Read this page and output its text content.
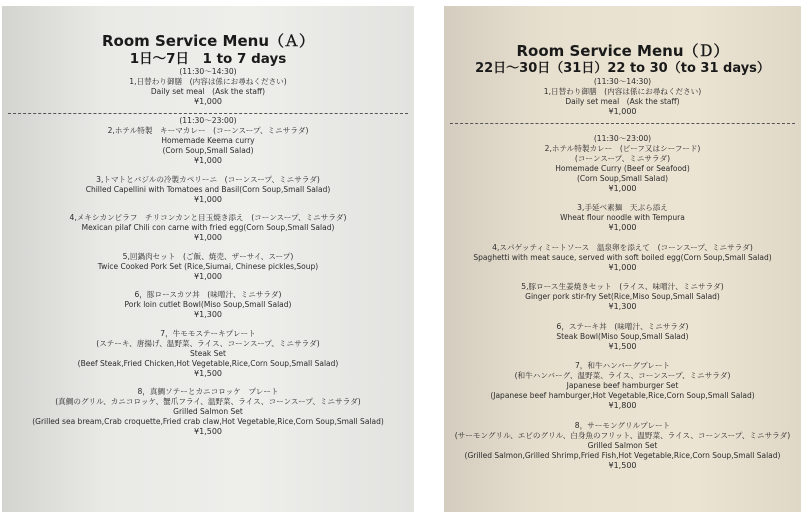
Room Service Menu（Ａ）
1日〜7日　1 to 7 days
(11:30〜14:30)
1,日替わり御膳　(内容は係にお尋ねください)
Daily set meal　(Ask the staff)
¥1,000
(11:30〜23:00)
2,ホテル特製　キーマカレー　(コーンスープ、ミニサラダ)
Homemade Keema curry
(Corn Soup,Small Salad)
¥1,000
3,トマトとバジルの冷製カペリーニ　(コーンスープ、ミニサラダ)
Chilled Capellini with Tomatoes and Basil(Corn Soup,Small Salad)
¥1,000
4,メキシカンピラフ　チリコンカンと目玉焼き添え　(コーンスープ、ミニサラダ)
Mexican pilaf Chili con carne with fried egg(Corn Soup,Small Salad)
¥1,000
5,回鍋肉セット　(ご飯、焼売、ザーサイ、スープ)
Twice Cooked Pork Set (Rice,Siumai, Chinese pickles,Soup)
¥1,000
6，豚ロースカツ丼　(味噌汁、ミニサラダ)
Pork loin cutlet Bowl(Miso Soup,Small Salad)
¥1,300
7，牛モモステーキプレート
(ステーキ、唐揚げ、温野菜、ライス、コーンスープ、ミニサラダ)
Steak Set
(Beef Steak,Fried Chicken,Hot Vegetable,Rice,Corn Soup,Small Salad)
¥1,500
8，真鯛ソテーとカニコロッケ　プレート
(真鯛のグリル、カニコロッケ、蟹爪フライ、温野菜、ライス、コーンスープ、ミニサラダ)
Grilled Salmon Set
(Grilled sea bream,Crab croquette,Fried crab claw,Hot Vegetable,Rice,Corn Soup,Small Salad)
¥1,500
Room Service Menu（Ｄ）
22日〜30日（31日）22 to 30（to 31 days）
(11:30〜14:30)
1,日替わり御膳　(内容は係にお尋ねください)
Daily set meal　(Ask the staff)
¥1,000
(11:30〜23:00)
2,ホテル特製カレー　(ビーフ又はシーフード)
(コーンスープ、ミニサラダ)
Homemade Curry (Beef or Seafood)
(Corn Soup,Small Salad)
¥1,000
3,手延べ素麺　天ぷら添え
Wheat flour noodle with Tempura
¥1,000
4,スパゲッティミートソース　温泉卵を添えて　(コーンスープ、ミニサラダ)
Spaghetti with meat sauce, served with soft boiled egg(Corn Soup,Small Salad)
¥1,000
5,豚ロース生姜焼きセット　(ライス、味噌汁、ミニサラダ)
Ginger pork stir-fry Set(Rice,Miso Soup,Small Salad)
¥1,300
6，ステーキ丼　(味噌汁、ミニサラダ)
Steak Bowl(Miso Soup,Small Salad)
¥1,500
7，和牛ハンバーグプレート
(和牛ハンバーグ、温野菜、ライス、コーンスープ、ミニサラダ)
Japanese beef hamburger Set
(Japanese beef hamburger,Hot Vegetable,Rice,Corn Soup,Small Salad)
¥1,800
8，サーモングリルプレート
(サーモングリル、エビのグリル、白身魚のフリット、温野菜、ライス、コーンスープ、ミニサラダ)
Grilled Salmon Set
(Grilled Salmon,Grilled Shrimp,Fried Fish,Hot Vegetable,Rice,Corn Soup,Small Salad)
¥1,500
